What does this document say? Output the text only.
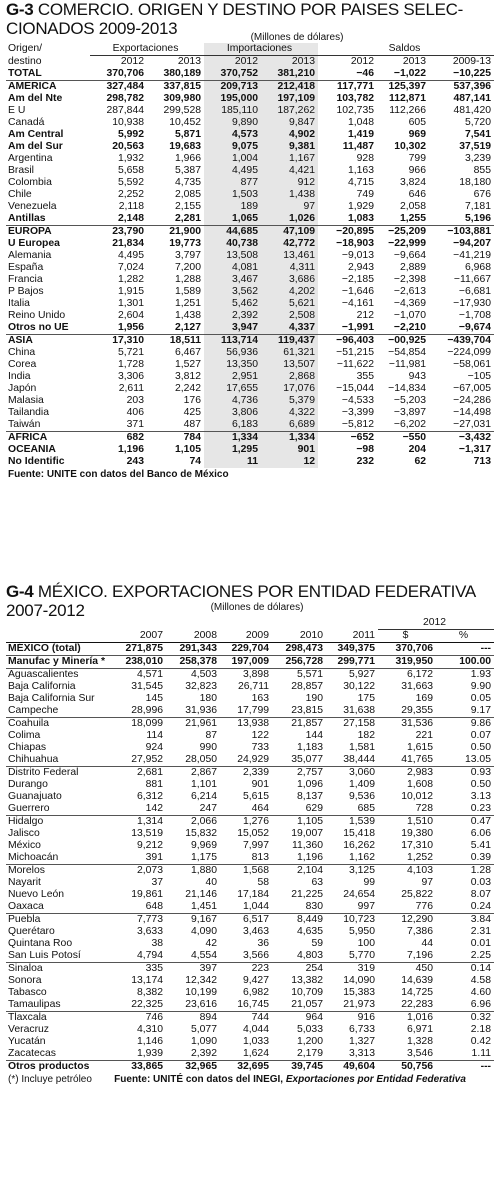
G-3 COMERCIO. ORIGEN Y DESTINO POR PAISES SELEC-
CIONADOS 2009-2013	(Millones de dólares)
Origen/	Exportaciones		Importaciones		Saldos		
destino	2012	2013	2012	2013	2012	2013	2009-13
TOTAL	370,706	380,189	370,752	381,210	−46	−1,022	−10,225
AMERICA	327,484	337,815	209,713	212,418	117,771	125,397	537,396
Am del Nte	298,782	309,980	195,000	197,109	103,782	112,871	487,141
E U	287,844	299,528	185,110	187,262	102,735	112,266	481,420
Canadá	10,938	10,452	9,890	9,847	1,048	605	5,720
Am Central	5,992	5,871	4,573	4,902	1,419	969	7,541
Am del Sur	20,563	19,683	9,075	9,381	11,487	10,302	37,519
Argentina	1,932	1,966	1,004	1,167	928	799	3,239
Brasil	5,658	5,387	4,495	4,421	1,163	966	855
Colombia	5,592	4,735	877	912	4,715	3,824	18,180
Chile	2,252	2,085	1,503	1,438	749	646	676
Venezuela	2,118	2,155	189	97	1,929	2,058	7,181
Antillas	2,148	2,281	1,065	1,026	1,083	1,255	5,196
EUROPA	23,790	21,900	44,685	47,109	−20,895	−25,209	−103,881
U Europea	21,834	19,773	40,738	42,772	−18,903	−22,999	−94,207
Alemania	4,495	3,797	13,508	13,461	−9,013	−9,664	−41,219
España	7,024	7,200	4,081	4,311	2,943	2,889	6,968
Francia	1,282	1,288	3,467	3,686	−2,185	−2,398	−11,667
P Bajos	1,915	1,589	3,562	4,202	−1,646	−2,613	−6,681
Italia	1,301	1,251	5,462	5,621	−4,161	−4,369	−17,930
Reino Unido	2,604	1,438	2,392	2,508	212	−1,070	−1,708
Otros no UE	1,956	2,127	3,947	4,337	−1,991	−2,210	−9,674
ASIA	17,310	18,511	113,714	119,437	−96,403	−00,925	−439,704
China	5,721	6,467	56,936	61,321	−51,215	−54,854	−224,099
Corea	1,728	1,527	13,350	13,507	−11,622	−11,981	−58,061
India	3,306	3,812	2,951	2,868	355	943	−105
Japón	2,611	2,242	17,655	17,076	−15,044	−14,834	−67,005
Malasia	203	176	4,736	5,379	−4,533	−5,203	−24,286
Tailandia	406	425	3,806	4,322	−3,399	−3,897	−14,498
Taiwán	371	487	6,183	6,689	−5,812	−6,202	−27,031
AFRICA	682	784	1,334	1,334	−652	−550	−3,432
OCEANIA	1,196	1,105	1,295	901	−98	204	−1,317
No Identific	243	74	11	12	232	62	713
Fuente: UNITE con datos del Banco de México
G-4 MÉXICO. EXPORTACIONES POR ENTIDAD FEDERATIVA
2007-2012	(Millones de dólares)
						2012	
	2007	2008	2009	2010	2011	$	%
MÉXICO (total)	271,875	291,343	229,704	298,473	349,375	370,706	---
Manufac y Minería *	238,010	258,378	197,009	256,728	299,771	319,950	100.00
Aguascalientes	4,571	4,503	3,898	5,571	5,927	6,172	1.93
Baja California	31,545	32,823	26,711	28,857	30,122	31,663	9.90
Baja California Sur	145	180	163	190	175	169	0.05
Campeche	28,996	31,936	17,799	23,815	31,638	29,355	9.17
Coahuila	18,099	21,961	13,938	21,857	27,158	31,536	9.86
Colima	114	87	122	144	182	221	0.07
Chiapas	924	990	733	1,183	1,581	1,615	0.50
Chihuahua	27,952	28,050	24,929	35,077	38,444	41,765	13.05
Distrito Federal	2,681	2,867	2,339	2,757	3,060	2,983	0.93
Durango	881	1,101	901	1,096	1,409	1,608	0.50
Guanajuato	6,312	6,214	5,615	8,137	9,536	10,012	3.13
Guerrero	142	247	464	629	685	728	0.23
Hidalgo	1,314	2,066	1,276	1,105	1,539	1,510	0.47
Jalisco	13,519	15,832	15,052	19,007	15,418	19,380	6.06
México	9,212	9,969	7,997	11,360	16,262	17,310	5.41
Michoacán	391	1,175	813	1,196	1,162	1,252	0.39
Morelos	2,073	1,880	1,568	2,104	3,125	4,103	1.28
Nayarit	37	40	58	63	99	97	0.03
Nuevo León	19,861	21,146	17,184	21,225	24,654	25,822	8.07
Oaxaca	648	1,451	1,044	830	997	776	0.24
Puebla	7,773	9,167	6,517	8,449	10,723	12,290	3.84
Querétaro	3,633	4,090	3,463	4,635	5,950	7,386	2.31
Quintana Roo	38	42	36	59	100	44	0.01
San Luis Potosí	4,794	4,554	3,566	4,803	5,770	7,196	2.25
Sinaloa	335	397	223	254	319	450	0.14
Sonora	13,174	12,342	9,427	13,382	14,090	14,639	4.58
Tabasco	8,382	10,199	6,982	10,709	15,383	14,725	4.60
Tamaulipas	22,325	23,616	16,745	21,057	21,973	22,283	6.96
Tlaxcala	746	894	744	964	916	1,016	0.32
Veracruz	4,310	5,077	4,044	5,033	6,733	6,971	2.18
Yucatán	1,146	1,090	1,033	1,200	1,327	1,328	0.42
Zacatecas	1,939	2,392	1,624	2,179	3,313	3,546	1.11
Otros productos	33,865	32,965	32,695	39,745	49,604	50,756	---
(*) Incluye petróleo Fuente: UNITÉ con datos del INEGI, Exportaciones por Entidad Federativa
